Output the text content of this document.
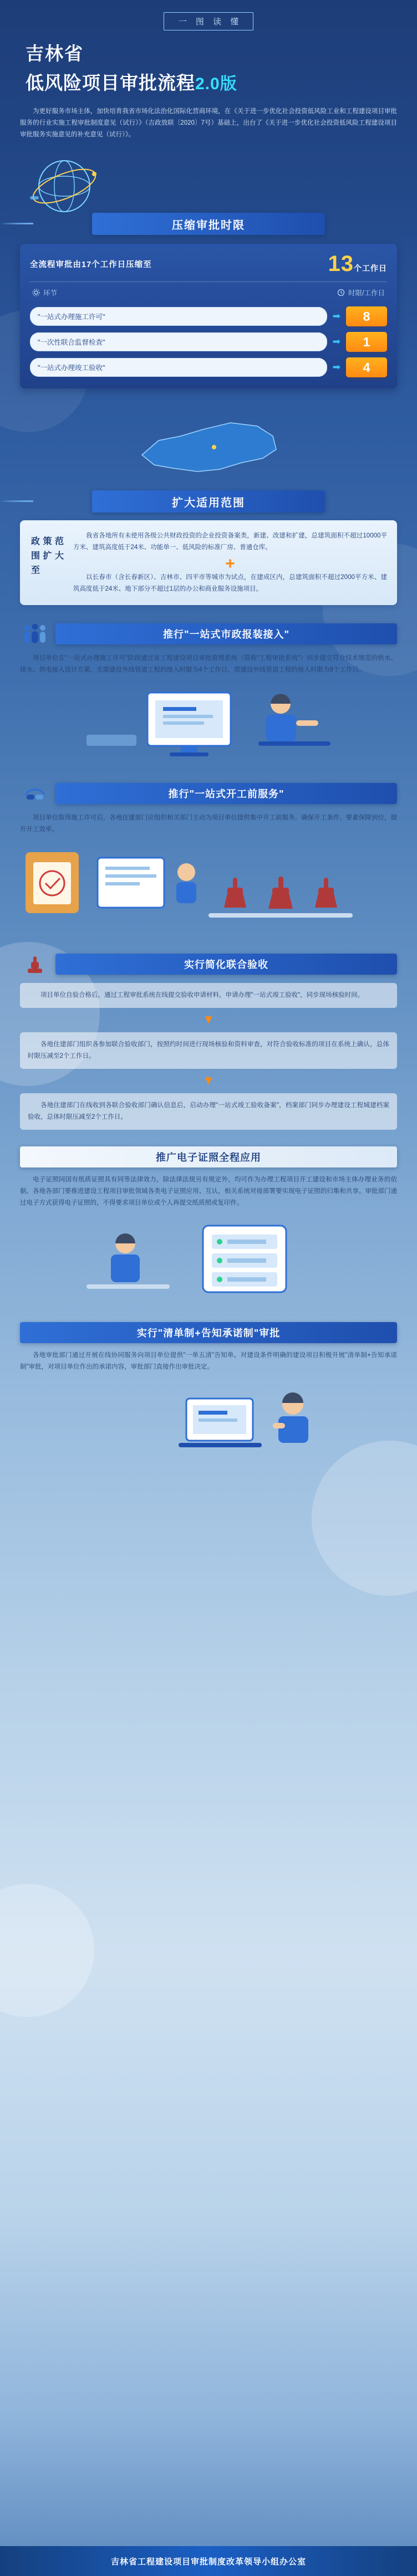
一 图 读 懂
吉林省
低风险项目审批流程2.0版
为更好服务市场主体，加快培育我省市场化法治化国际化营商环境，在《关于进一步优化社会投资低风险工业和工程建设项目审批服务的行业实施工程审批制度意见（试行）》（吉政放联〔2020〕7号）基础上，出台了《关于进一步优化社会投资低风险工程建设项目审批服务实施意见的补充意见（试行）》。
压缩审批时限
全流程审批由17个工作日压缩至	13个工作日
环节	时限/工作日
"一站式办理施工许可"	➡	8
"一次性联合监督检查"	➡	1
"一站式办理竣工验收"	➡	4
扩大适用范围
政策范围扩大至

我省各地所有未使用各级公共财政投资的企业投资备案类，新建、改建和扩建，总建筑面积不超过10000平方米、建筑高度低于24米、功能单一、低风险的标准厂房、普通仓库。

+

以长春市（含长春新区）、吉林市、四平市等城市为试点，在建成区内，总建筑面积不超过2000平方米、建筑高度低于24米、地下部分不超过1层的办公和商业服务设施项目。

推行"一站式市政报装接入"

项目单位在"一站式办理施工许可"阶段通过省工程建设项目审批管理系统（简称"工程审批系统"）同步提交符合技术规范的供水、排水、供电接入设计方案，无需建设外线管道工程的接入时限为4个工作日，需建设外线管道工程的接入时限为9个工作日。

推行"一站式开工前服务"

项目单位取得施工许可后，各地住建部门应组织相关部门主动为项目单位提供集中开工前服务，确保开工条件、要素保障到位，提升开工效率。

实行简化联合验收

项目单位自验合格后，通过工程审批系统在线提交验收申请材料，申请办理"一站式竣工验收"，同步现场核验时间。

▼

各地住建部门组织各参加联合验收部门，按照约时间进行现场核验和资料审查，对符合验收标准的项目在系统上确认，总体时限压减至2个工作日。

▼

各地住建部门在线收到各联合验收部门确认信息后，启动办理"一站式竣工验收备案"，档案部门同步办理建设工程城建档案验收，总体时限压减至2个工作日。

推广电子证照全程应用

电子证照同国有纸质证照具有同等法律效力，除法律法规另有规定外，均可作为办理工程项目开工建设和市场主体办理业务的依据。各地各部门要推进建设工程项目审批领域各类电子证照应用、互认，相关系统对接部署要实现电子证照的归集和共享。审批部门通过电子方式获得电子证照的，不得要求项目单位或个人再提交纸质照或复印件。

实行"清单制+告知承诺制"审批

各地审批部门通过开展在线协同服务向项目单位提供"一单五清"告知单。对建设条件明确的建设项目积极开展"清单制+告知承诺制"审批，对项目单位作出的承诺内容，审批部门直接作出审批决定。

吉林省工程建设项目审批制度改革领导小组办公室
